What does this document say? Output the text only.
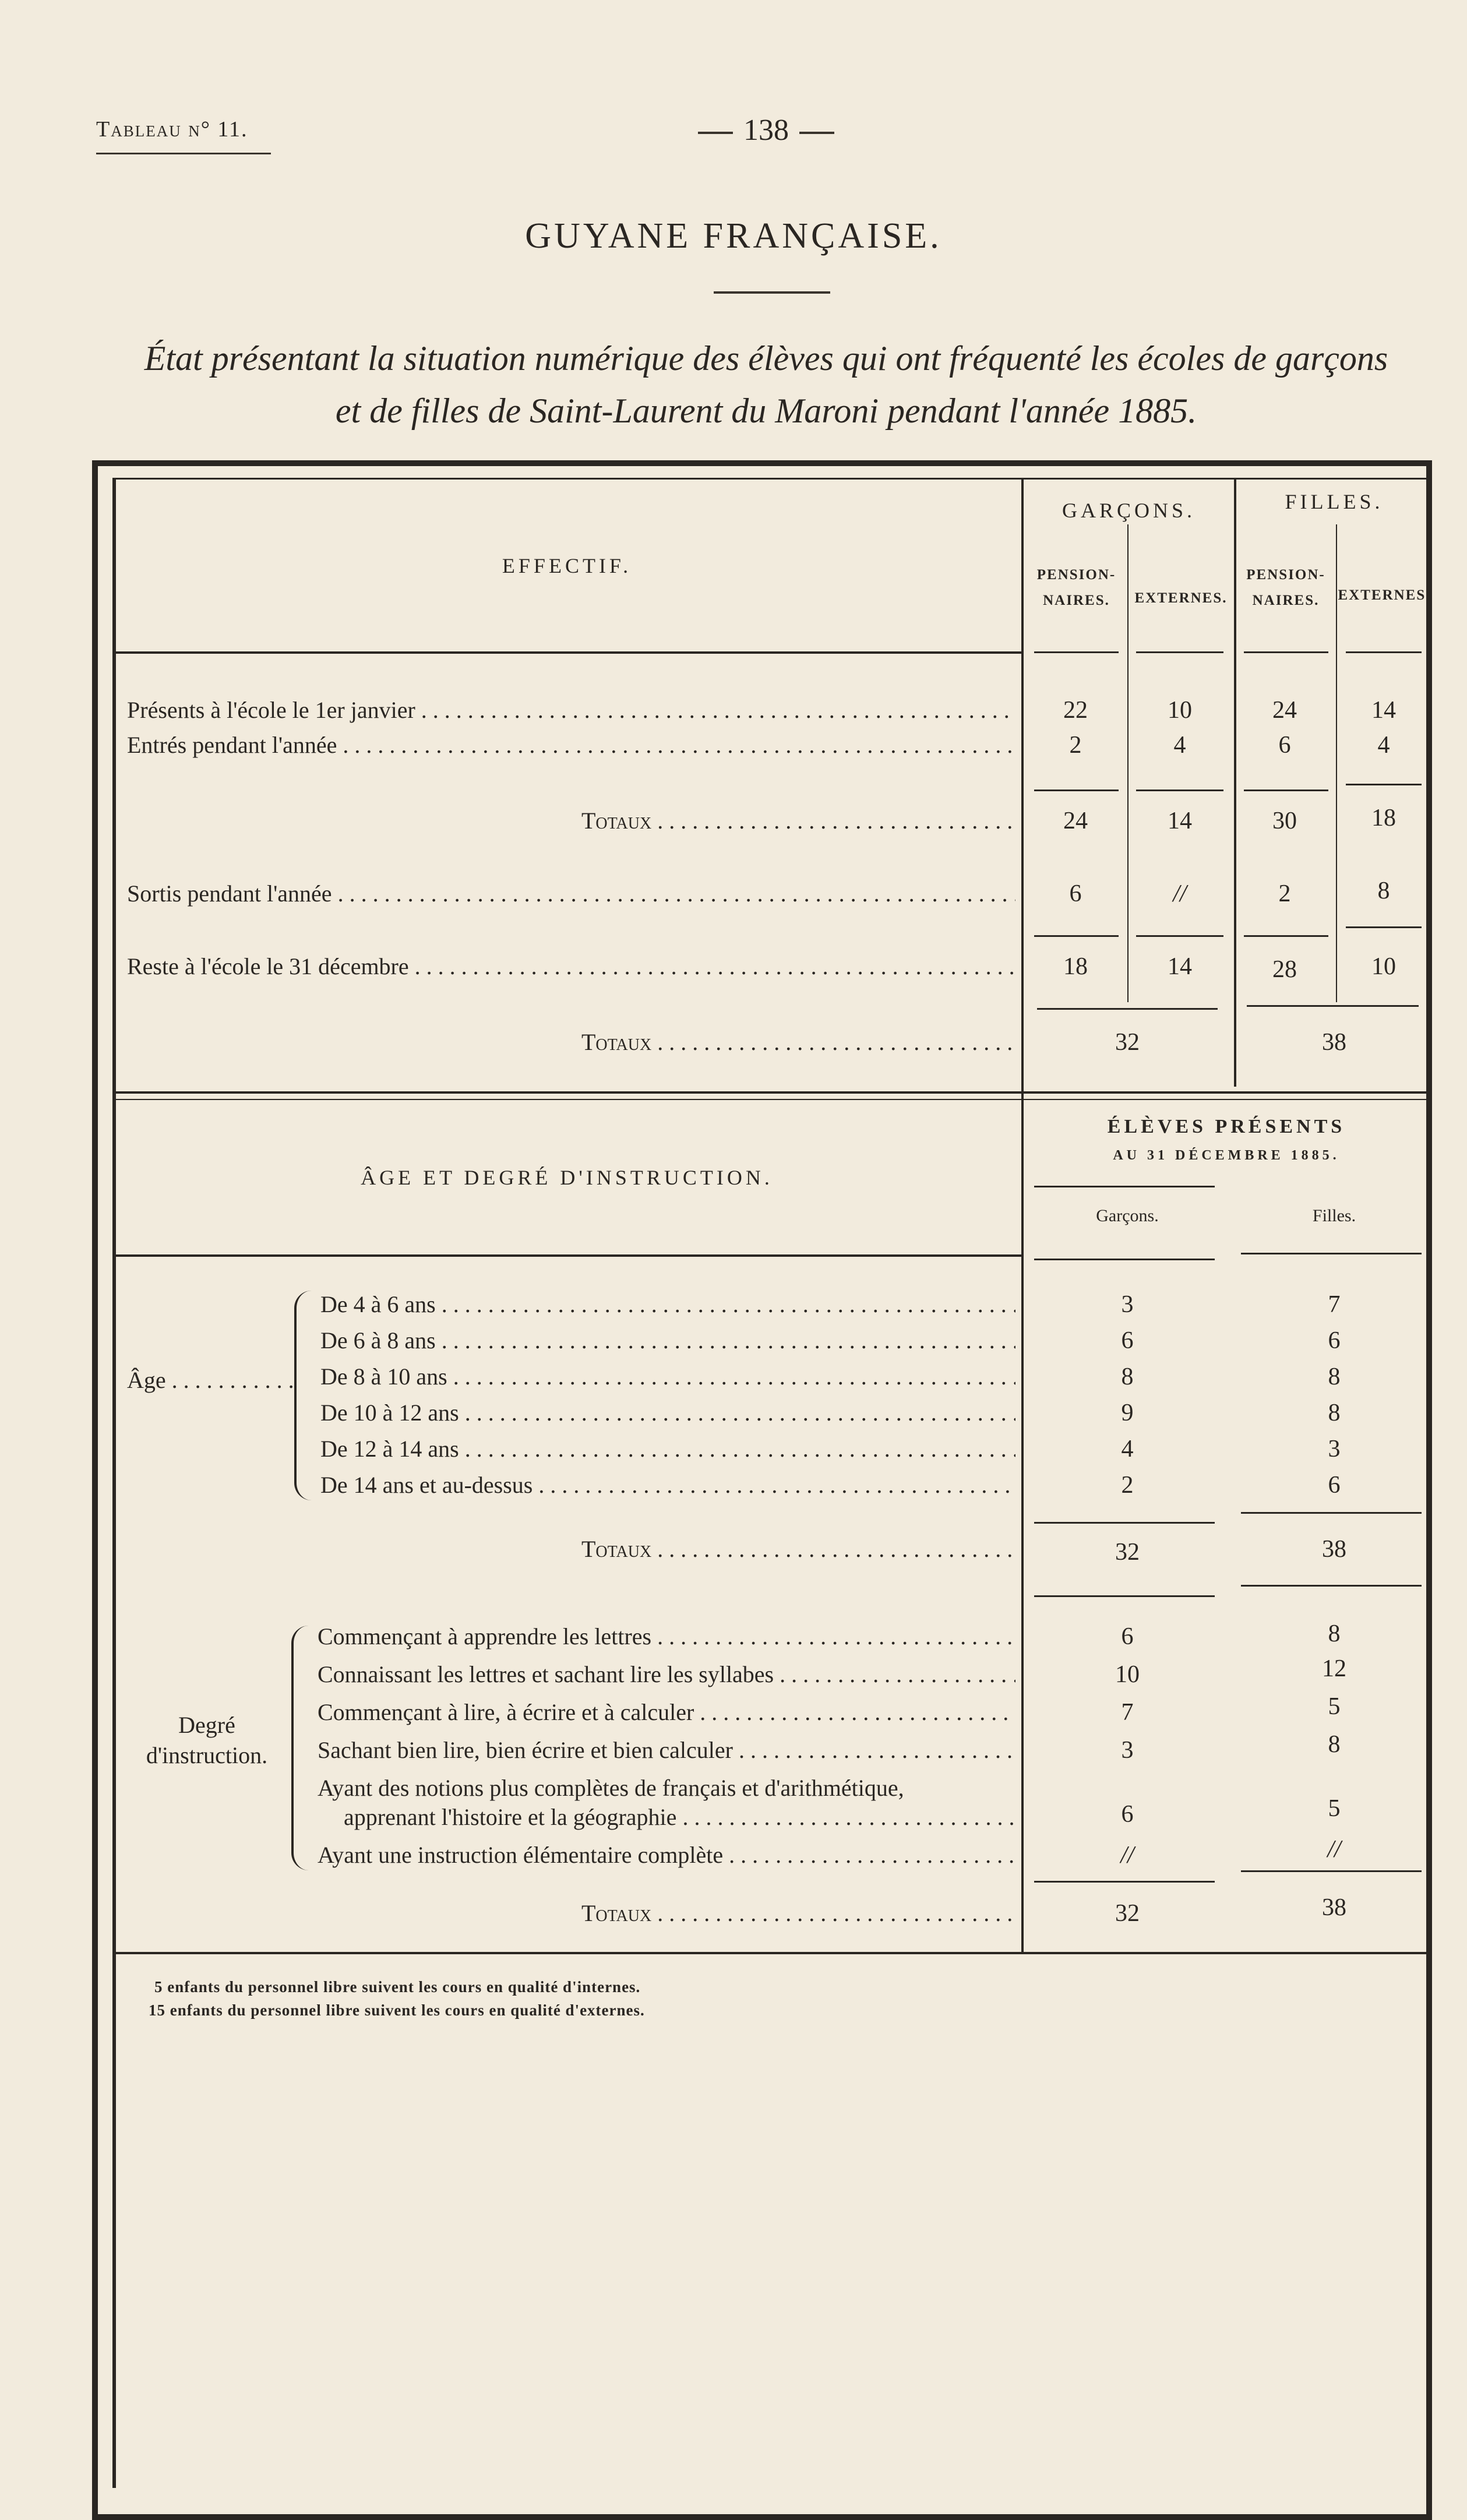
Tableau n° 11.	138
GUYANE FRANÇAISE.
État présentant la situation numérique des élèves qui ont fréquenté les écoles de garçons
et de filles de Saint-Laurent du Maroni pendant l'année 1885.
EFFECTIF.
GARÇONS.	FILLES.
PENSION-
NAIRES.	EXTERNES.
PENSION-
NAIRES.	EXTERNES.
Présents à l'école le 1er janvier . . .	22	10	24	14
Entrés pendant l'année . . .	2	4	6	4
Totaux . . .	24	14	30	18
Sortis pendant l'année . . .	6	//	2	8
Reste à l'école le 31 décembre . . .	18	14	28	10
Totaux . . .	32	38
ÂGE ET DEGRÉ D'INSTRUCTION.
ÉLÈVES PRÉSENTS
AU 31 DÉCEMBRE 1885.
Garçons.	Filles.
Âge . . .
De 4 à 6 ans . . .	3	7
De 6 à 8 ans . . .	6	6
De 8 à 10 ans . . .	8	8
De 10 à 12 ans . . .	9	8
De 12 à 14 ans . . .	4	3
De 14 ans et au-dessus . . .	2	6
Totaux . . .	32	38
Degré
d'instruction.
Commençant à apprendre les lettres . . .	6	8
Connaissant les lettres et sachant lire les syllabes . . .	10	12
Commençant à lire, à écrire et à calculer . . .	7	5
Sachant bien lire, bien écrire et bien calculer . . .	3	8
Ayant des notions plus complètes de français et d'arithmétique,
apprenant l'histoire et la géographie . . .	6	5
Ayant une instruction élémentaire complète . . .	//	//
Totaux . . .	32	38
5 enfants du personnel libre suivent les cours en qualité d'internes.
15 enfants du personnel libre suivent les cours en qualité d'externes.
